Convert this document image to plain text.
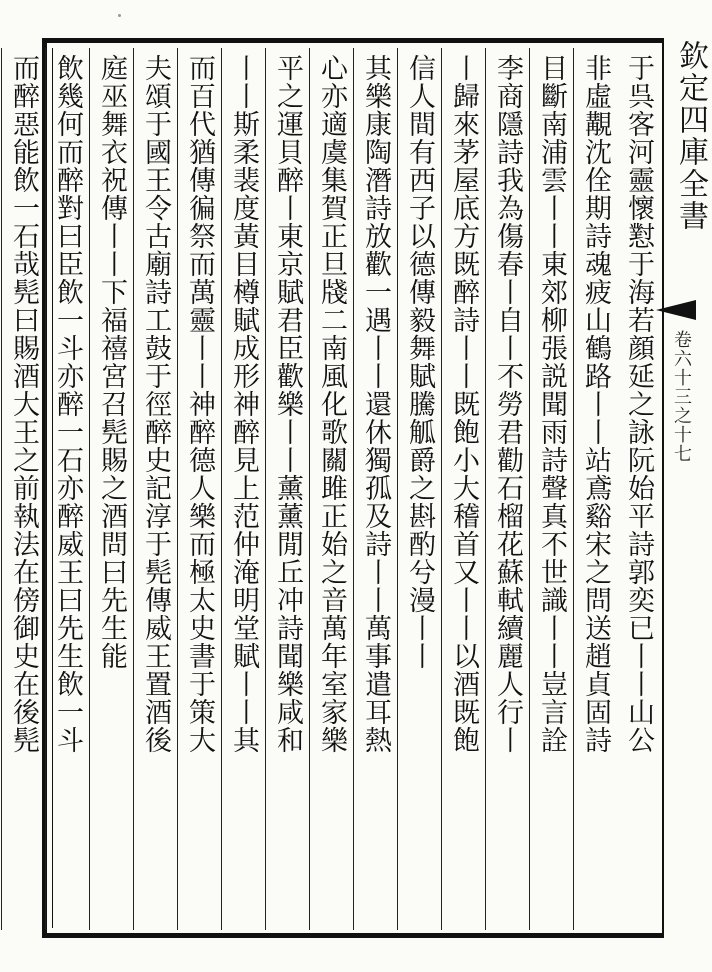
于呉客河靈懷懟于海若顔延之詠阮始平詩郭奕已丨丨山公
非虛覯沈佺期詩魂疲山鶴路丨丨站鳶谿宋之問送趙貞固詩
目斷南浦雲丨丨東郊柳張説聞雨詩聲真不世識丨丨豈言詮
李商隱詩我為傷春丨自丨不勞君勸石榴花蘇軾續麗人行丨
丨歸來茅屋底方既醉詩丨丨既飽小大稽首又丨丨以酒既飽
信人間有西子以德傳毅舞賦騰觚爵之斟酌兮漫丨丨
其樂康陶潛詩放歡一遇丨丨還休獨孤及詩丨丨萬事遣耳熱
心亦適虞集賀正旦牋二南風化歌關雎正始之音萬年室家樂
平之運貝醉丨東京賦君臣歡樂丨丨薰薰閒丘冲詩聞樂咸和
丨丨斯柔裴度黃目樽賦成形神醉見上范仲淹明堂賦丨丨其
而百代猶傳徧祭而萬靈丨丨神醉德人樂而極太史書于策大
夫頌于國王令古廟詩工鼓于徑醉史記淳于髡傳威王置酒後
庭巫舞衣祝傳丨丨下福禧宮召髡賜之酒問曰先生能
飲幾何而醉對曰臣飲一斗亦醉一石亦醉威王曰先生飲一斗
而醉惡能飲一石哉髡曰賜酒大王之前執法在傍御史在後髡	欽定四庫全書
卷六十三之十七
